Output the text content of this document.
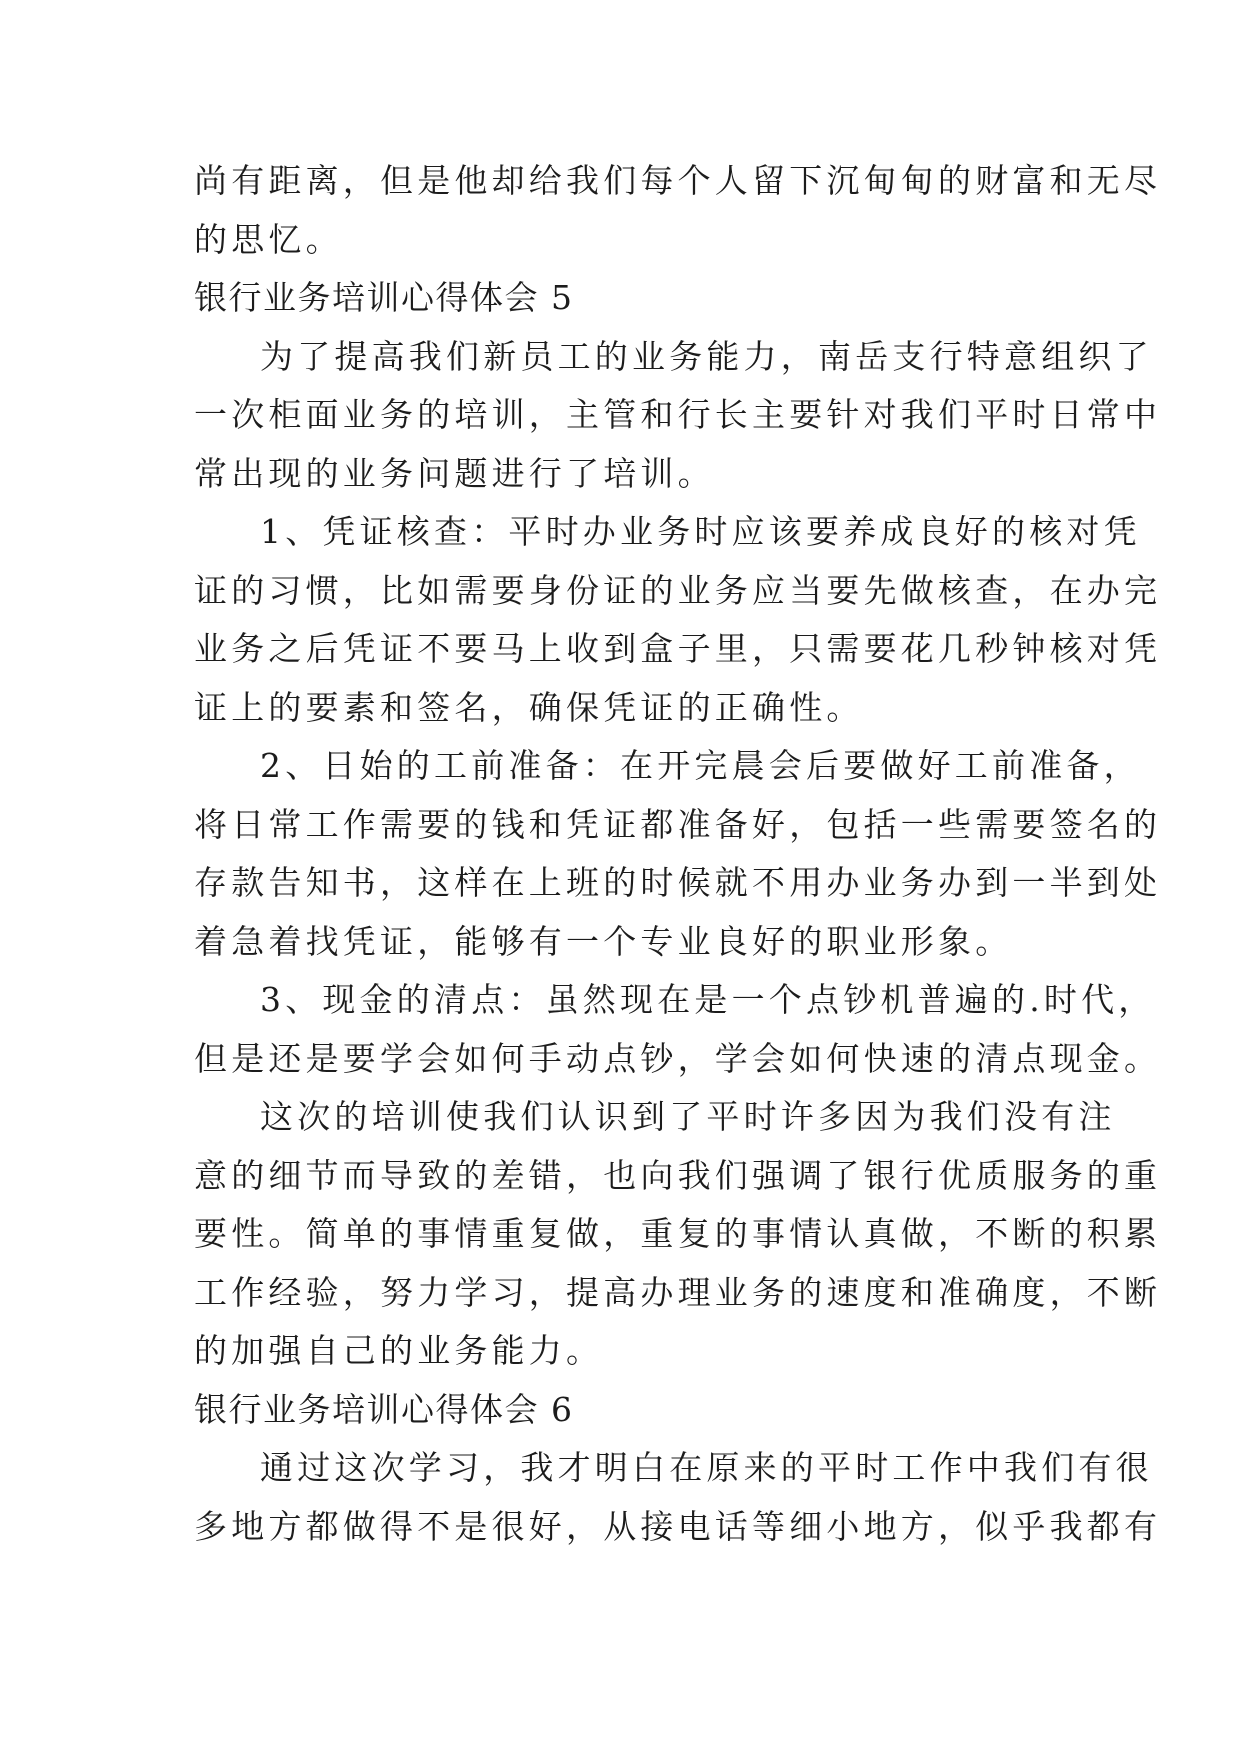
尚有距离，但是他却给我们每个人留下沉甸甸的财富和无尽
的思忆。
银行业务培训心得体会 5
为了提高我们新员工的业务能力，南岳支行特意组织了
一次柜面业务的培训，主管和行长主要针对我们平时日常中
常出现的业务问题进行了培训。
1、凭证核查：平时办业务时应该要养成良好的核对凭
证的习惯，比如需要身份证的业务应当要先做核查，在办完
业务之后凭证不要马上收到盒子里，只需要花几秒钟核对凭
证上的要素和签名，确保凭证的正确性。
2、日始的工前准备：在开完晨会后要做好工前准备，
将日常工作需要的钱和凭证都准备好，包括一些需要签名的
存款告知书，这样在上班的时候就不用办业务办到一半到处
着急着找凭证，能够有一个专业良好的职业形象。
3、现金的清点：虽然现在是一个点钞机普遍的.时代，
但是还是要学会如何手动点钞，学会如何快速的清点现金。
这次的培训使我们认识到了平时许多因为我们没有注
意的细节而导致的差错，也向我们强调了银行优质服务的重
要性。简单的事情重复做，重复的事情认真做，不断的积累
工作经验，努力学习，提高办理业务的速度和准确度，不断
的加强自己的业务能力。
银行业务培训心得体会 6
通过这次学习，我才明白在原来的平时工作中我们有很
多地方都做得不是很好，从接电话等细小地方，似乎我都有
